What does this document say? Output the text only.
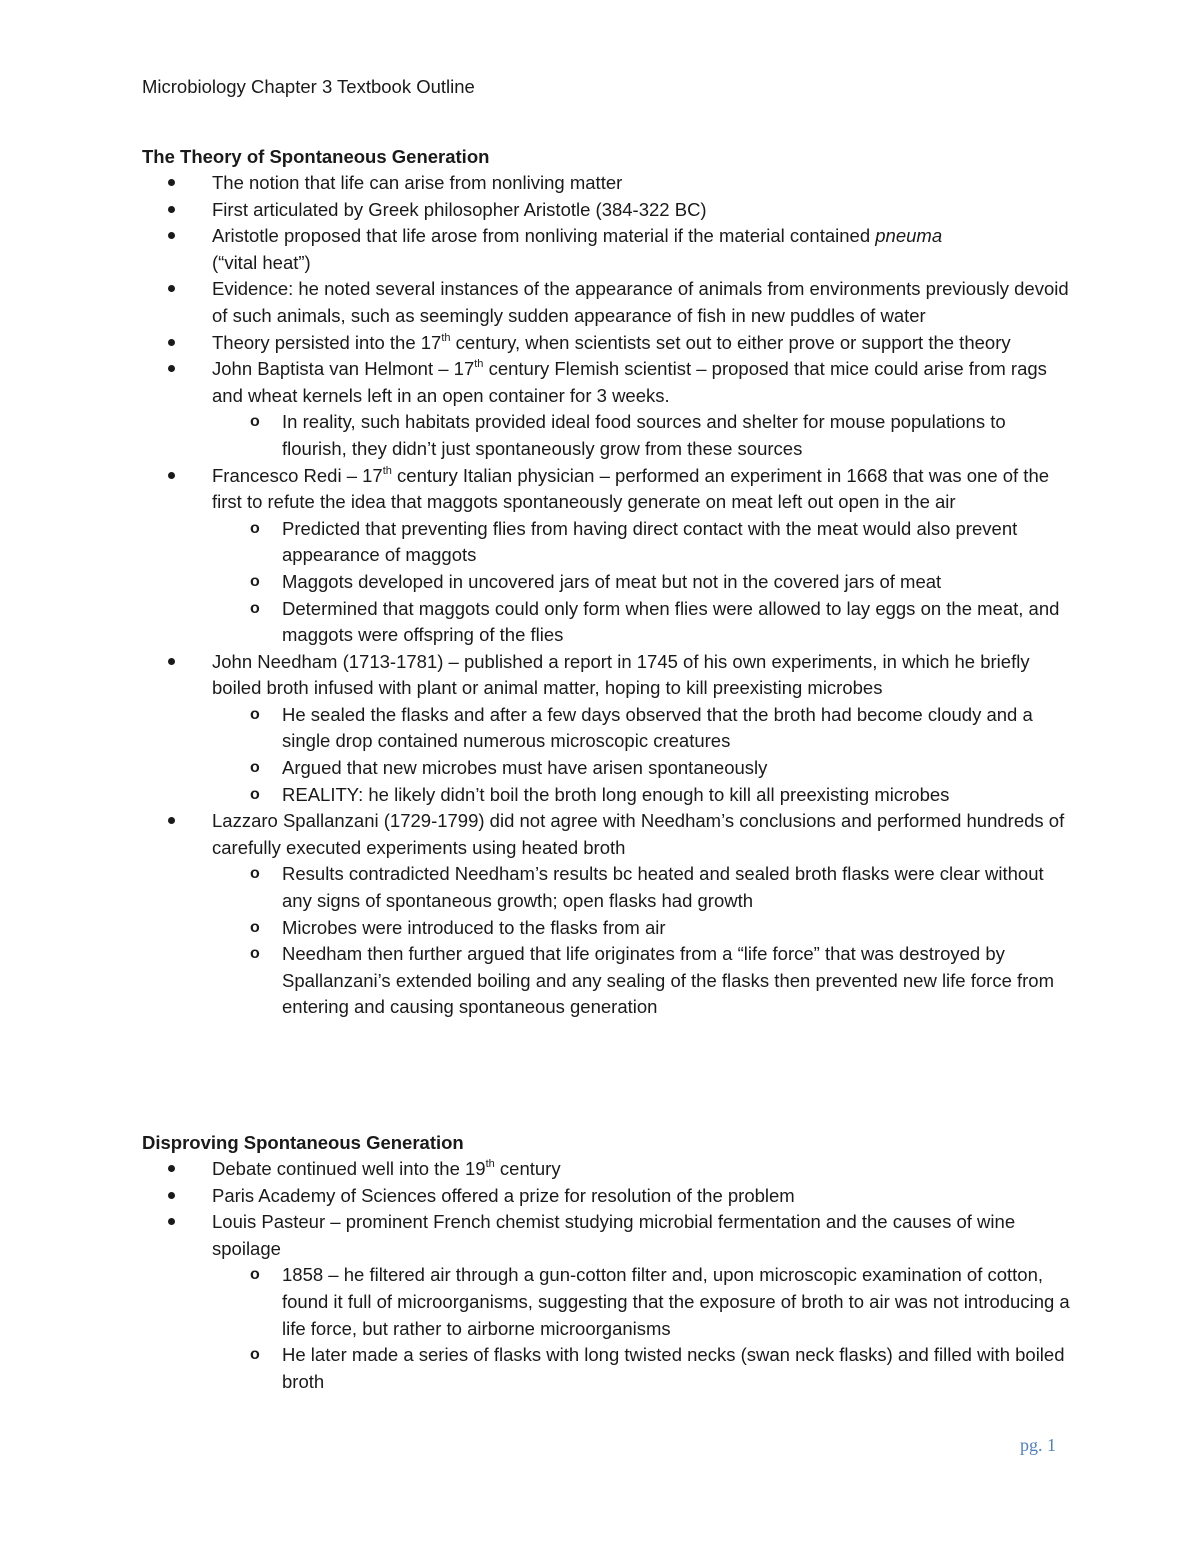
Microbiology Chapter 3 Textbook Outline
The Theory of Spontaneous Generation
The notion that life can arise from nonliving matter
First articulated by Greek philosopher Aristotle (384-322 BC)
Aristotle proposed that life arose from nonliving material if the material contained pneuma
(“vital heat”)
Evidence: he noted several instances of the appearance of animals from environments previously devoid of such animals, such as seemingly sudden appearance of fish in new puddles of water
Theory persisted into the 17th century, when scientists set out to either prove or support the theory
John Baptista van Helmont – 17th century Flemish scientist – proposed that mice could arise from rags and wheat kernels left in an open container for 3 weeks.
o In reality, such habitats provided ideal food sources and shelter for mouse populations to flourish, they didn’t just spontaneously grow from these sources
Francesco Redi – 17th century Italian physician – performed an experiment in 1668 that was one of the first to refute the idea that maggots spontaneously generate on meat left out open in the air
o Predicted that preventing flies from having direct contact with the meat would also prevent appearance of maggots
o Maggots developed in uncovered jars of meat but not in the covered jars of meat
o Determined that maggots could only form when flies were allowed to lay eggs on the meat, and maggots were offspring of the flies
John Needham (1713-1781) – published a report in 1745 of his own experiments, in which he briefly boiled broth infused with plant or animal matter, hoping to kill preexisting microbes
o He sealed the flasks and after a few days observed that the broth had become cloudy and a single drop contained numerous microscopic creatures
o Argued that new microbes must have arisen spontaneously
o REALITY: he likely didn’t boil the broth long enough to kill all preexisting microbes
Lazzaro Spallanzani (1729-1799) did not agree with Needham’s conclusions and performed hundreds of carefully executed experiments using heated broth
o Results contradicted Needham’s results bc heated and sealed broth flasks were clear without any signs of spontaneous growth; open flasks had growth
o Microbes were introduced to the flasks from air
o Needham then further argued that life originates from a “life force” that was destroyed by Spallanzani’s extended boiling and any sealing of the flasks then prevented new life force from entering and causing spontaneous generation
Disproving Spontaneous Generation
Debate continued well into the 19th century
Paris Academy of Sciences offered a prize for resolution of the problem
Louis Pasteur – prominent French chemist studying microbial fermentation and the causes of wine spoilage
o 1858 – he filtered air through a gun-cotton filter and, upon microscopic examination of cotton, found it full of microorganisms, suggesting that the exposure of broth to air was not introducing a life force, but rather to airborne microorganisms
o He later made a series of flasks with long twisted necks (swan neck flasks) and filled with boiled broth
pg. 1
